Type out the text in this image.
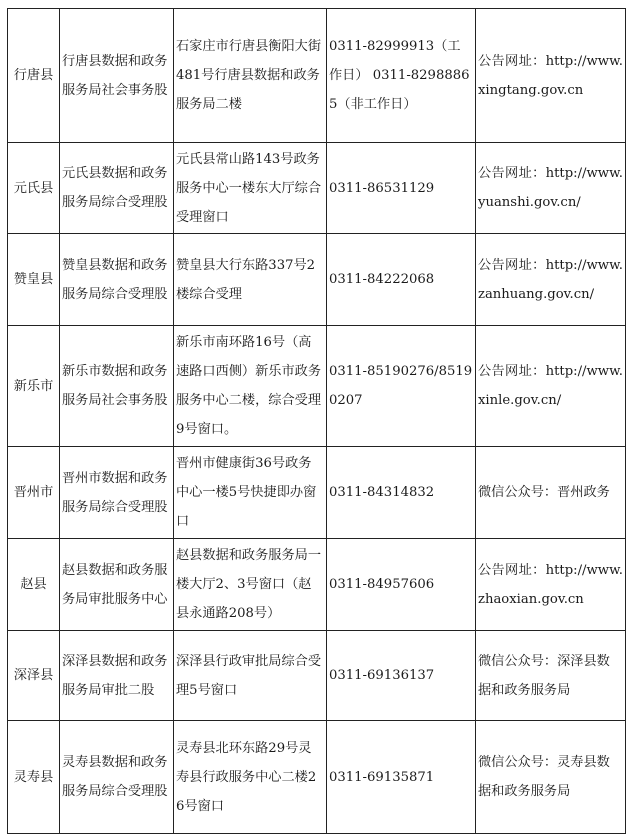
行唐县	行唐县数据和政务服务局社会事务股	石家庄市行唐县衡阳大街481号行唐县数据和政务服务局二楼	0311-82999913（工作日） 0311-82988865（非工作日）	公告网址：http://www.xingtang.gov.cn
元氏县	元氏县数据和政务服务局综合受理股	元氏县常山路143号政务服务中心一楼东大厅综合受理窗口	0311-86531129	公告网址：http://www.yuanshi.gov.cn/
赞皇县	赞皇县数据和政务服务局综合受理股	赞皇县大行东路337号2楼综合受理	0311-84222068	公告网址：http://www.zanhuang.gov.cn/
新乐市	新乐市数据和政务服务局社会事务股	新乐市南环路16号（高速路口西侧）新乐市政务服务中心二楼，综合受理9号窗口。	0311-85190276/85190207	公告网址：http://www.xinle.gov.cn/
晋州市	晋州市数据和政务服务局综合受理股	晋州市健康街36号政务中心一楼5号快捷即办窗口	0311-84314832	微信公众号：晋州政务
赵县	赵县数据和政务服务局审批服务中心	赵县数据和政务服务局一楼大厅2、3号窗口（赵县永通路208号）	0311-84957606	公告网址：http://www.zhaoxian.gov.cn
深泽县	深泽县数据和政务服务局审批二股	深泽县行政审批局综合受理5号窗口	0311-69136137	微信公众号：深泽县数据和政务服务局
灵寿县	灵寿县数据和政务服务局综合受理股	灵寿县北环东路29号灵寿县行政服务中心二楼26号窗口	0311-69135871	微信公众号：灵寿县数据和政务服务局
